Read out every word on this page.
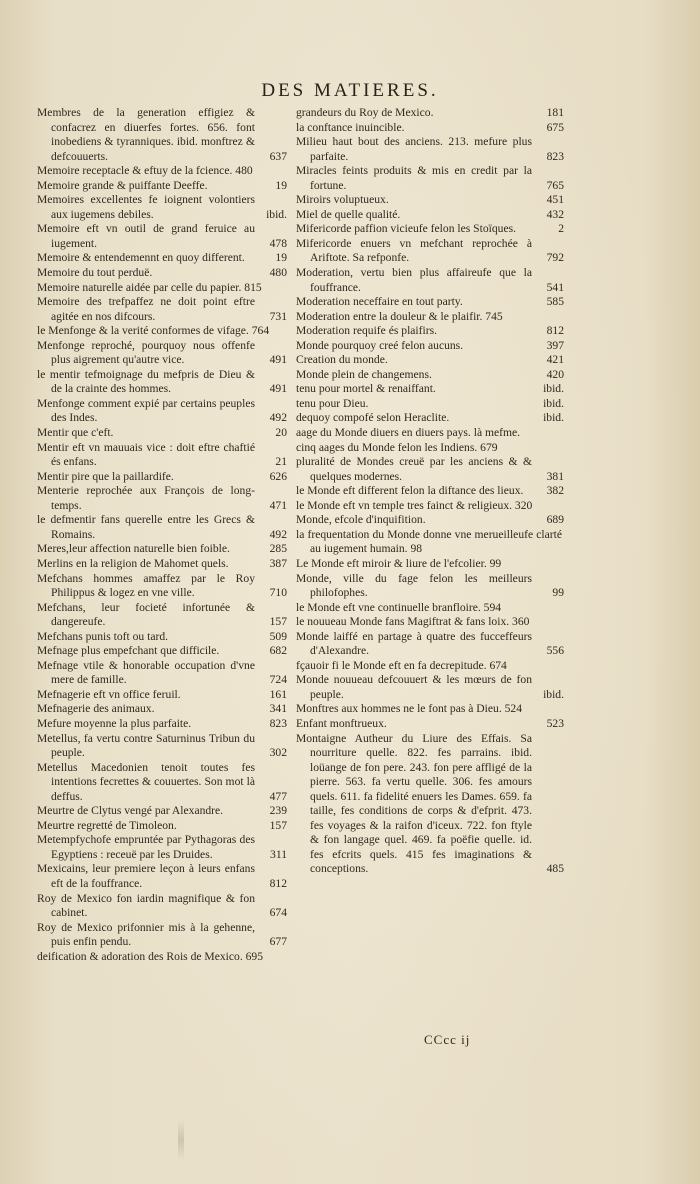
DES MATIERES.
Membres de la generation effigiez & confacrez en diuerfes fortes. 656. font inobediens & tyranniques. ibid. monftrez & defcouuerts.	637
Memoire receptacle & eftuy de la fcience. 480
Memoire grande & puiffante Deeffe.	19
Memoires excellentes fe ioignent volontiers aux iugemens debiles.	ibid.
Memoire eft vn outil de grand feruice au iugement.	478
Memoire & entendemennt en quoy different.	19
Memoire du tout perduë.	480
Memoire naturelle aidée par celle du papier. 815
Memoire des trefpaffez ne doit point eftre agitée en nos difcours.	731
le Menfonge & la verité conformes de vifage. 764
Menfonge reproché, pourquoy nous offenfe plus aigrement qu'autre vice.	491
le mentir tefmoignage du mefpris de Dieu & de la crainte des hommes.	491
Menfonge comment expié par certains peuples des Indes.	492
Mentir que c'eft.	20
Mentir eft vn mauuais vice : doit eftre chaftié és enfans.	21
Mentir pire que la paillardife.	626
Menterie reprochée aux François de long-temps.	471
le defmentir fans querelle entre les Grecs & Romains.	492
Meres,leur affection naturelle bien foible.	285
Merlins en la religion de Mahomet quels.	387
Mefchans hommes amaffez par le Roy Philippus & logez en vne ville.	710
Mefchans, leur focieté infortunée & dangereufe.	157
Mefchans punis toft ou tard.	509
Mefnage plus empefchant que difficile.	682
Mefnage vtile & honorable occupation d'vne mere de famille.	724
Mefnagerie eft vn office feruil.	161
Mefnagerie des animaux.	341
Mefure moyenne la plus parfaite.	823
Metellus, fa vertu contre Saturninus Tribun du peuple.	302
Metellus Macedonien tenoit toutes fes intentions fecrettes & couuertes. Son mot là deffus.	477
Meurtre de Clytus vengé par Alexandre.	239
Meurtre regretté de Timoleon.	157
Metempfychofe empruntée par Pythagoras des Egyptiens : receuë par les Druides.	311
Mexicains, leur premiere leçon à leurs enfans eft de la fouffrance.	812
Roy de Mexico fon iardin magnifique & fon cabinet.	674
Roy de Mexico prifonnier mis à la gehenne, puis enfin pendu.	677
deification & adoration des Rois de Mexico. 695
grandeurs du Roy de Mexico.	181
la conftance inuincible.	675
Milieu haut bout des anciens. 213. mefure plus parfaite.	823
Miracles feints produits & mis en credit par la fortune.	765
Miroirs voluptueux.	451
Miel de quelle qualité.	432
Mifericorde paffion vicieufe felon les Stoïques.	2
Mifericorde enuers vn mefchant reprochée à Ariftote. Sa refponfe.	792
Moderation, vertu bien plus affaireufe que la fouffrance.	541
Moderation neceffaire en tout party.	585
Moderation entre la douleur & le plaifir. 745
Moderation requife és plaifirs.	812
Monde pourquoy creé felon aucuns.	397
Creation du monde.	421
Monde plein de changemens.	420
tenu pour mortel & renaiffant.	ibid.
tenu pour Dieu.	ibid.
dequoy compofé selon Heraclite.	ibid.
aage du Monde diuers en diuers pays. là mefme.
cinq aages du Monde felon les Indiens. 679
pluralité de Mondes creuë par les anciens & & quelques modernes.	381
le Monde eft different felon la diftance des lieux.	382
le Monde eft vn temple tres fainct & religieux. 320
Monde, efcole d'inquifition.	689
la frequentation du Monde donne vne merueilleufe clarté au iugement humain. 98
Le Monde eft miroir & liure de l'efcolier. 99
Monde, ville du fage felon les meilleurs philofophes.	99
le Monde eft vne continuelle branfloire. 594
le nouueau Monde fans Magiftrat & fans loix. 360
Monde laiffé en partage à quatre des fucceffeurs d'Alexandre.	556
fçauoir fi le Monde eft en fa decrepitude. 674
Monde nouueau defcouuert & les mœurs de fon peuple.	ibid.
Monftres aux hommes ne le font pas à Dieu. 524
Enfant monftrueux.	523
Montaigne Autheur du Liure des Effais. Sa nourriture quelle. 822. fes parrains. ibid. loüange de fon pere. 243. fon pere affligé de la pierre. 563. fa vertu quelle. 306. fes amours quels. 611. fa fidelité enuers les Dames. 659. fa taille, fes conditions de corps & d'efprit. 473. fes voyages & la raifon d'iceux. 722. fon ftyle & fon langage quel. 469. fa poëfie quelle. id. fes efcrits quels. 415 fes imaginations & conceptions.	485
CCcc ij
